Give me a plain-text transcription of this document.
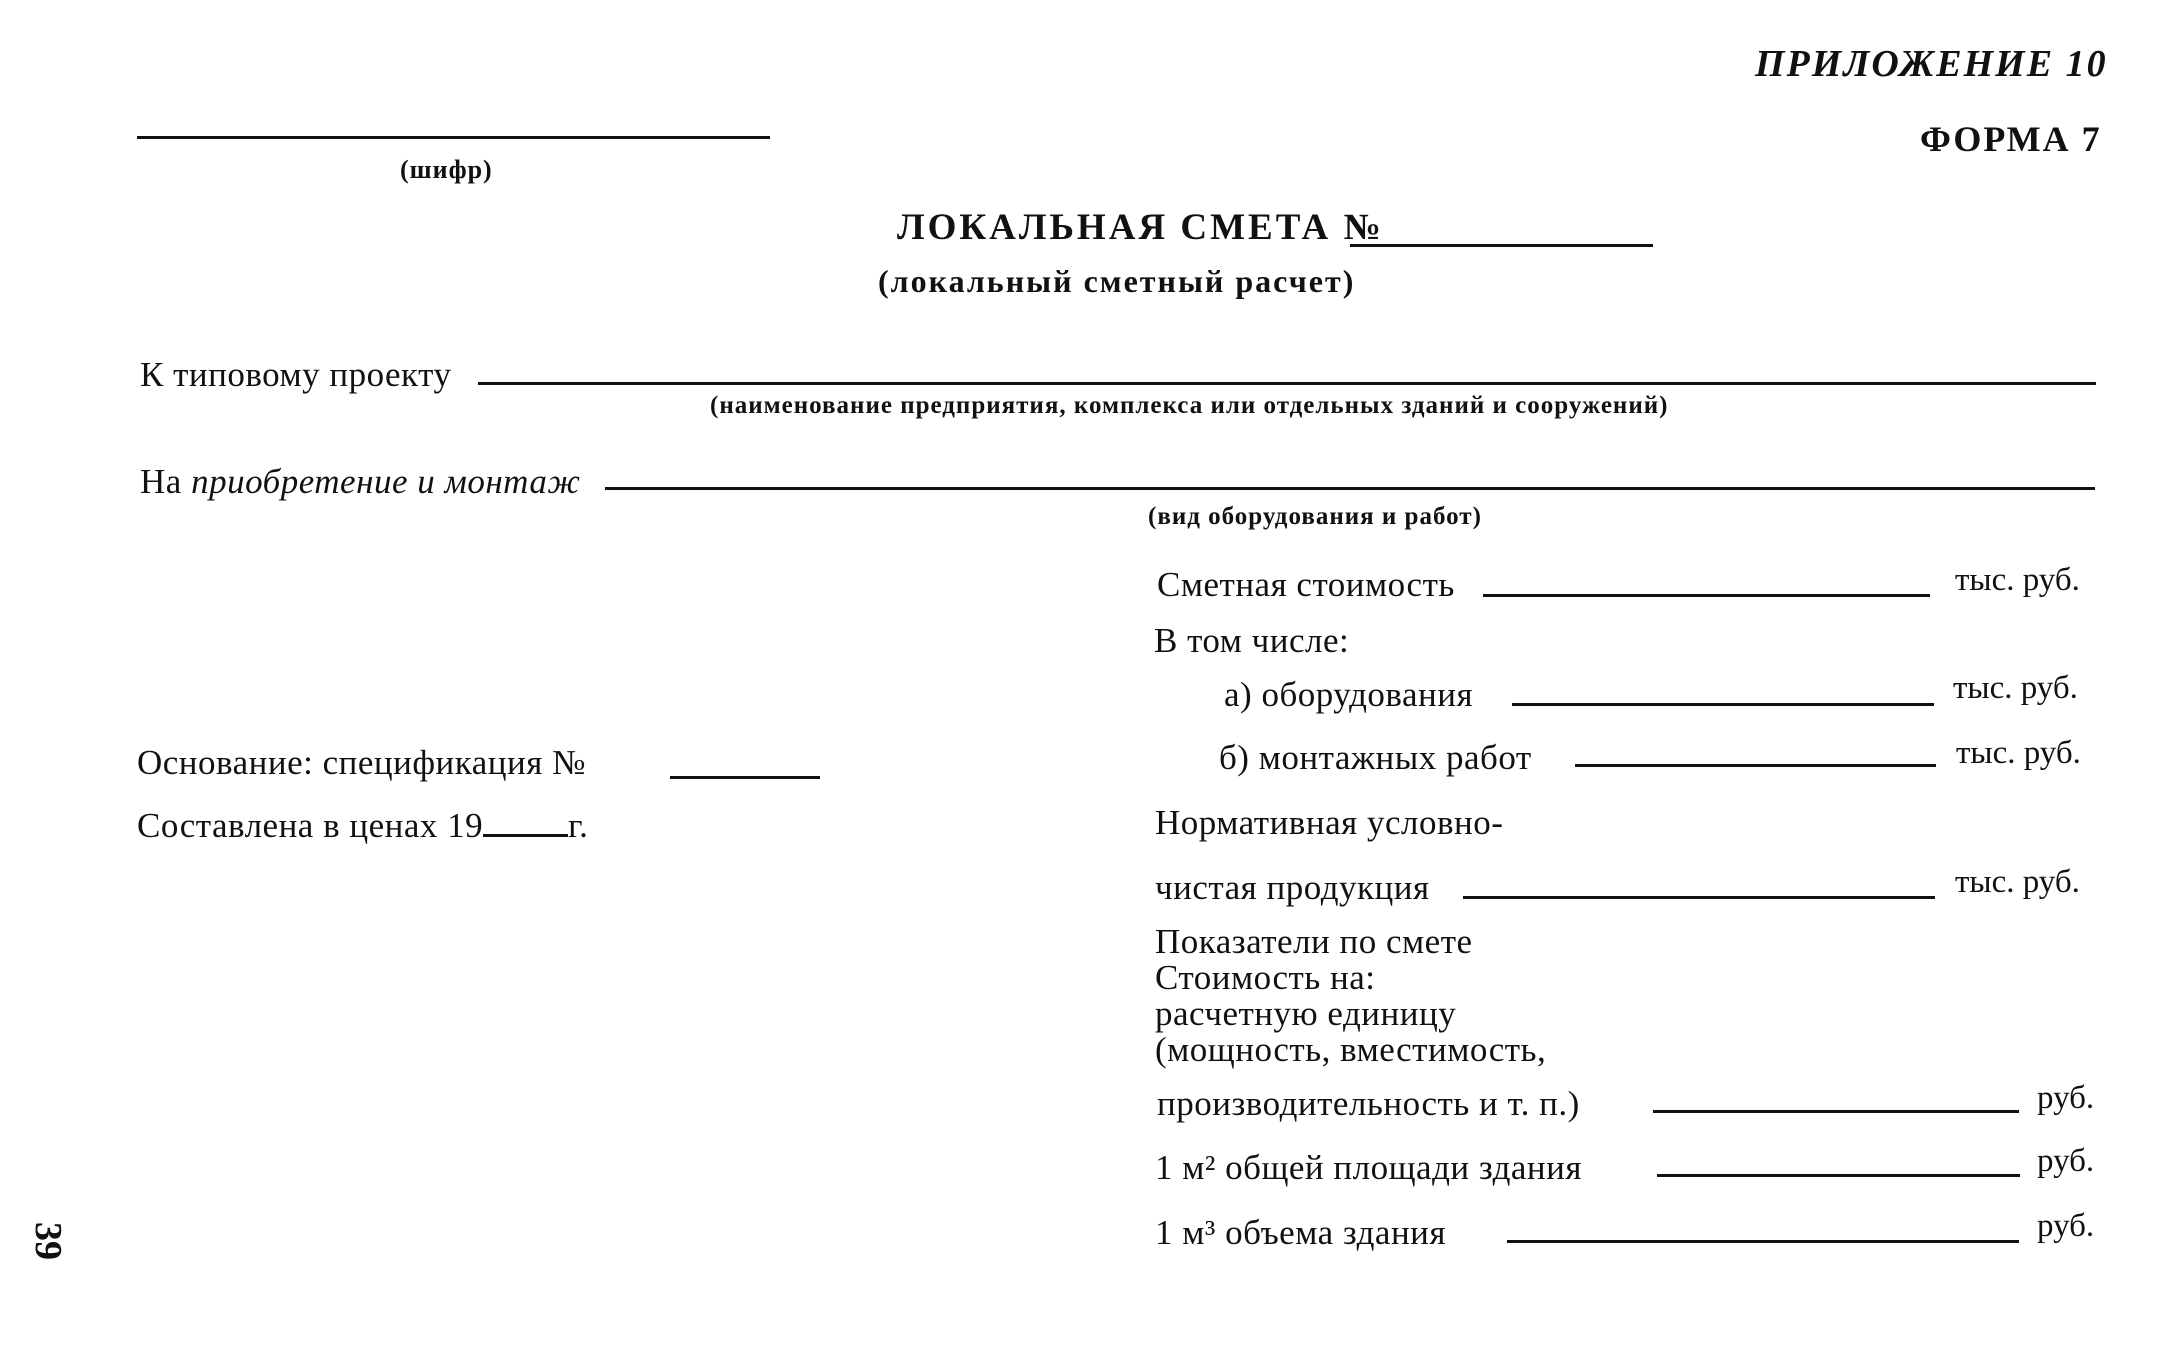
ПРИЛОЖЕНИЕ 10
ФОРМА 7
(шифр)
ЛОКАЛЬНАЯ СМЕТА №
(локальный сметный расчет)
К типовому проекту
(наименование предприятия, комплекса или отдельных зданий и сооружений)
На приобретение и монтаж
(вид оборудования и работ)
Основание: спецификация №
Составлена в ценах 19 г.
Сметная стоимость	тыс. руб.
В том числе:
а) оборудования	тыс. руб.
б) монтажных работ	тыс. руб.
Нормативная условно-
чистая продукция	тыс. руб.
Показатели по смете
Стоимость на:
расчетную единицу
(мощность, вместимость,
производительность и т. п.)	руб.
1 м² общей площади здания	руб.
1 м³ объема здания	руб.
39
